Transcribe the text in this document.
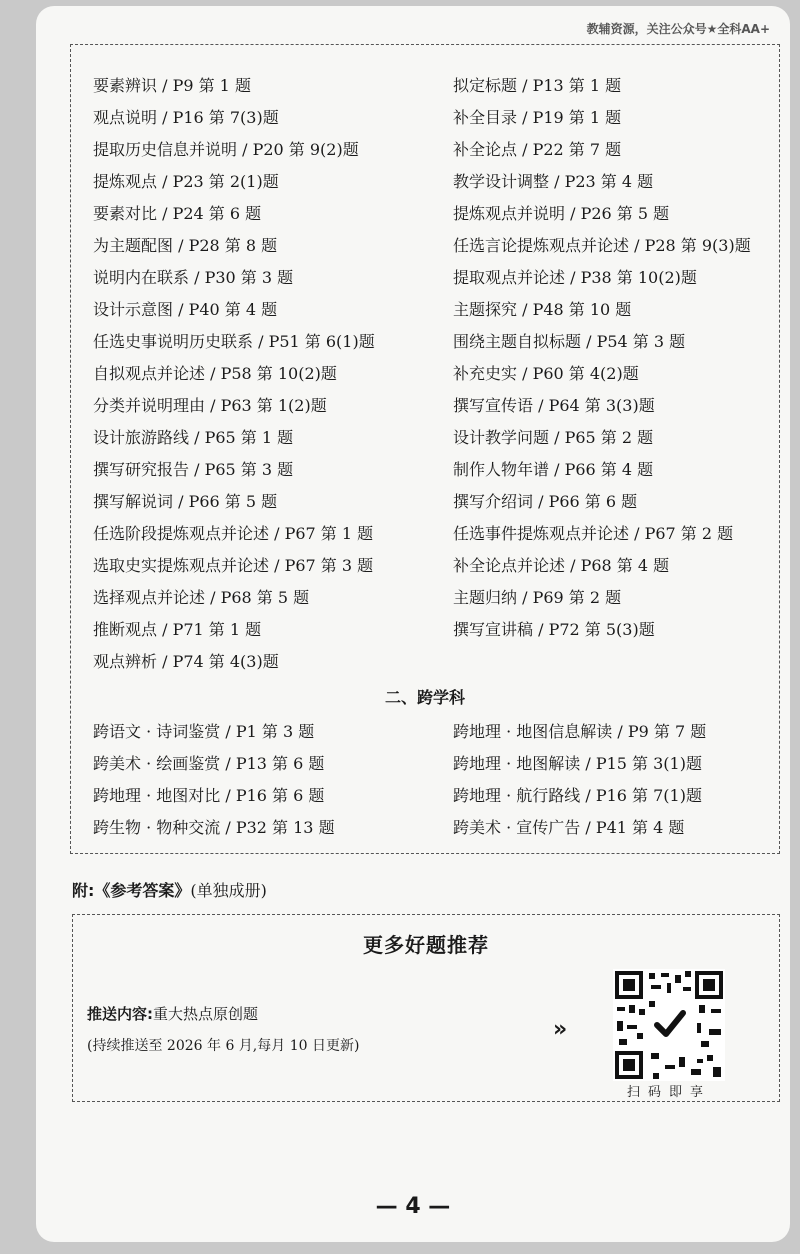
教辅资源，关注公众号★全科AA+
要素辨识 / P9 第 1 题	拟定标题 / P13 第 1 题
观点说明 / P16 第 7(3)题	补全目录 / P19 第 1 题
提取历史信息并说明 / P20 第 9(2)题	补全论点 / P22 第 7 题
提炼观点 / P23 第 2(1)题	教学设计调整 / P23 第 4 题
要素对比 / P24 第 6 题	提炼观点并说明 / P26 第 5 题
为主题配图 / P28 第 8 题	任选言论提炼观点并论述 / P28 第 9(3)题
说明内在联系 / P30 第 3 题	提取观点并论述 / P38 第 10(2)题
设计示意图 / P40 第 4 题	主题探究 / P48 第 10 题
任选史事说明历史联系 / P51 第 6(1)题	围绕主题自拟标题 / P54 第 3 题
自拟观点并论述 / P58 第 10(2)题	补充史实 / P60 第 4(2)题
分类并说明理由 / P63 第 1(2)题	撰写宣传语 / P64 第 3(3)题
设计旅游路线 / P65 第 1 题	设计教学问题 / P65 第 2 题
撰写研究报告 / P65 第 3 题	制作人物年谱 / P66 第 4 题
撰写解说词 / P66 第 5 题	撰写介绍词 / P66 第 6 题
任选阶段提炼观点并论述 / P67 第 1 题	任选事件提炼观点并论述 / P67 第 2 题
选取史实提炼观点并论述 / P67 第 3 题	补全论点并论述 / P68 第 4 题
选择观点并论述 / P68 第 5 题	主题归纳 / P69 第 2 题
推断观点 / P71 第 1 题	撰写宣讲稿 / P72 第 5(3)题
观点辨析 / P74 第 4(3)题
二、跨学科
跨语文 · 诗词鉴赏 / P1 第 3 题	跨地理 · 地图信息解读 / P9 第 7 题
跨美术 · 绘画鉴赏 / P13 第 6 题	跨地理 · 地图解读 / P15 第 3(1)题
跨地理 · 地图对比 / P16 第 6 题	跨地理 · 航行路线 / P16 第 7(1)题
跨生物 · 物种交流 / P32 第 13 题	跨美术 · 宣传广告 / P41 第 4 题
附:《参考答案》(单独成册)
更多好题推荐
推送内容:重大热点原创题
(持续推送至 2026 年 6 月,每月 10 日更新)
»
扫码即享
— 4 —
